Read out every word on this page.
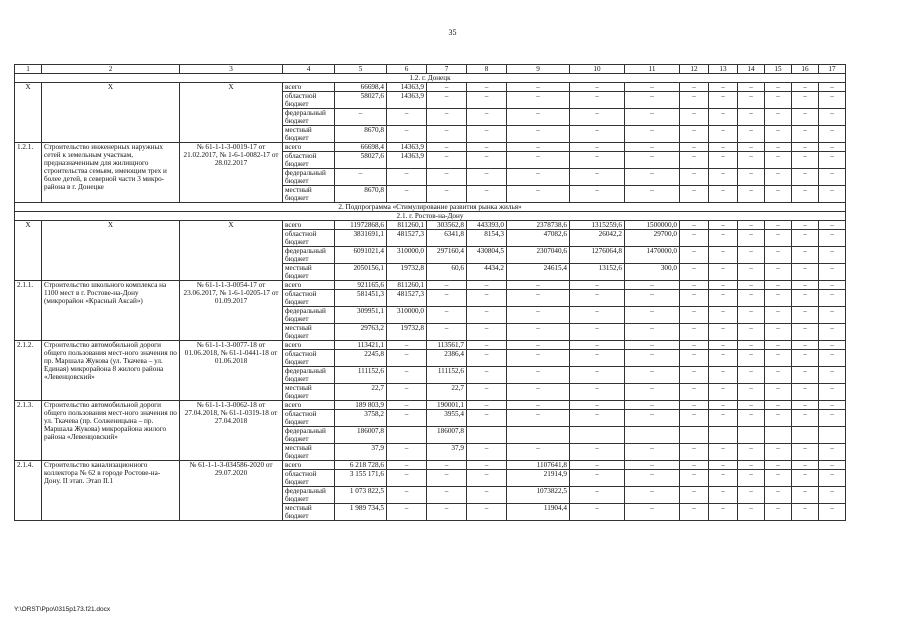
35
1	2	3	4	5	6	7	8	9	10	11	12	13	14	15	16	17
1.2. г. Донецк																
X	X	X	всего	66698,4	14363,9	–	–	–	–	–	–	–	–	–	–	–
			областной бюджет	58027,6	14363,9	–	–	–	–	–	–	–	–	–	–	–
			федеральный бюджет	–	–	–	–	–	–	–	–	–	–	–	–	–
			местный бюджет	8670,8	–	–	–	–	–	–	–	–	–	–	–	–
1.2.1.	Строительство инженерных наружных сетей к земельным участкам, предназначенным для жилищного строительства семьям, имеющим трех и более детей, в северной части 3 микро-района в г. Донецке	№ 61-1-1-3-0019-17 от 21.02.2017, № 1-6-1-0082-17 от 28.02.2017	всего	66698,4	14363,9	–	–	–	–	–	–	–	–	–	–	–
			областной бюджет	58027,6	14363,9	–	–	–	–	–	–	–	–	–	–	–
			федеральный бюджет	–	–	–	–	–	–	–	–	–	–	–	–	–
			местный бюджет	8670,8	–	–	–	–	–	–	–	–	–	–	–	–
2. Подпрограмма «Стимулирование развития рынка жилья»																
2.1. г. Ростов-на-Дону																
X	X	X	всего	11972868,6	811260,1	303562,8	443393,0	2378738,6	1315259,6	1500000,0	–	–	–	–	–	–
			областной бюджет	3831691,1	481527,3	6341,8	8154,3	47082,6	26042,2	29700,0	–	–	–	–	–	–
			федеральный бюджет	6091021,4	310000,0	297160,4	430804,5	2307040,6	1276064,8	1470000,0	–	–	–	–	–	–
			местный бюджет	2050156,1	19732,8	60,6	4434,2	24615,4	13152,6	300,0	–	–	–	–	–	–
2.1.1.	Строительство школьного комплекса на 1100 мест в г. Ростове-на-Дону (микрорайон «Красный Аксай»)	№ 61-1-1-3-0054-17 от 23.06.2017, № 1-6-1-0205-17 от 01.09.2017	всего	921165,6	811260,1	–	–	–	–	–	–	–	–	–	–	–
			областной бюджет	581451,3	481527,3	–	–	–	–	–	–	–	–	–	–	–
			федеральный бюджет	309951,1	310000,0	–	–	–	–	–	–	–	–	–	–	–
			местный бюджет	29763,2	19732,8	–	–	–	–	–	–	–	–	–	–	–
2.1.2.	Строительство автомобильной дороги общего пользования мест-ного значения по пр. Маршала Жукова (ул. Ткачева – ул. Единая) микрорайона 8 жилого района «Левенцовский»	№ 61-1-1-3-0077-18 от 01.06.2018, № 61-1-0441-18 от 01.06.2018	всего	113421,1	–	113561,7	–	–	–	–	–	–	–	–	–	–
			областной бюджет	2245,8	–	2386,4	–	–	–	–	–	–	–	–	–	–
			федеральный бюджет	111152,6	–	111152,6	–	–	–	–	–	–	–	–	–	–
			местный бюджет	22,7	–	22,7	–	–	–	–	–	–	–	–	–	–
2.1.3.	Строительство автомобильной дороги общего пользования мест-ного значения по ул. Ткачева (пр. Солженицына – пр. Маршала Жукова) микрорайона жилого района «Левенцовский»	№ 61-1-1-3-0062-18 от 27.04.2018, № 61-1-0319-18 от 27.04.2018	всего	189 803,9	–	190001,1	–	–	–	–	–	–	–	–	–	–
			областной бюджет	3758,2	–	3955,4	–	–	–	–	–	–	–	–	–	–
			федеральный бюджет	186007,8		186007,8										
			местный бюджет	37,9	–	37,9	–	–	–	–	–	–	–	–	–	–
2.1.4.	Строительство канализационного коллектора № 62 в городе Ростове-на-Дону. II этап. Этап II.1	№ 61-1-1-3-034586-2020 от 29.07.2020	всего	6 218 728,6	–	–	–	1107641,8	–	–	–	–	–	–	–	–
			областной бюджет	3 155 171,6	–	–	–	21914,9	–	–	–	–	–	–	–	–
			федеральный бюджет	1 073 822,5	–	–	–	1073822,5	–	–	–	–	–	–	–	–
			местный бюджет	1 989 734,5	–	–	–	11904,4	–	–	–	–	–	–	–	–
Y:\ORST\Ppo\0315p173.f21.docx
